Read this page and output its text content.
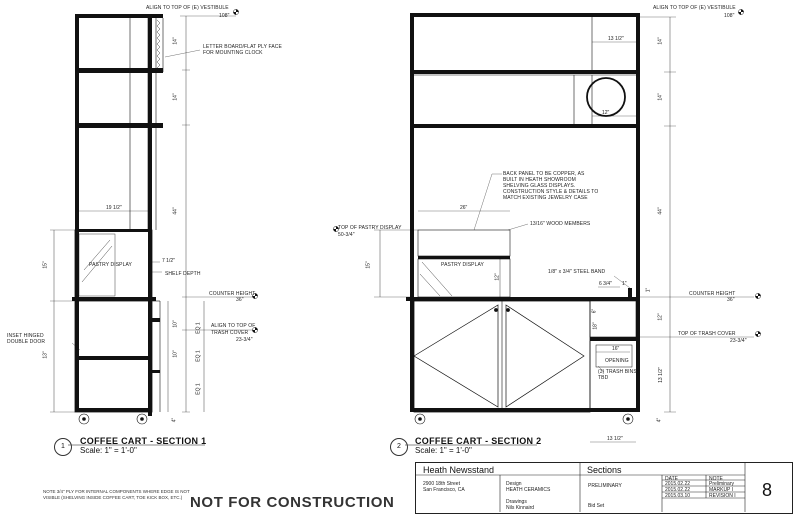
ALIGN TO TOP OF (E) VESTIBULE
108"
LETTER BOARD/FLAT PLY FACE
FOR MOUNTING CLOCK
PASTRY DISPLAY
SHELF DEPTH
COUNTER HEIGHT
36"
ALIGN TO TOP OF
TRASH COVER
23-3/4"
INSET HINGED
DOUBLE DOOR
19 1/2"
7 1/2"
14"
14"
44"
15"
10"
13"	10"
4"
EQ 1
EQ 1
EQ 1
ALIGN TO TOP OF (E) VESTIBULE
108"
TOP OF PASTRY DISPLAY
50-3/4"
BACK PANEL TO BE COPPER, AS
BUILT IN HEATH SHOWROOM
SHELVING GLASS DISPLAYS.
CONSTRUCTION STYLE & DETAILS TO
MATCH EXISTING JEWELRY CASE
13/16" WOOD MEMBERS
1/8" x 3/4" STEEL BAND
PASTRY DISPLAY
COUNTER HEIGHT
36"
TOP OF TRASH COVER
23-3/4"
OPENING
(3) TRASH BINS
TBD
13 1/2"
26"
12"
6 3/4" 1"
1"
6"
16"
18"
12"
15"
14"
14"
44"
12"
13 1/2"
4"
13 1/2"
1
COFFEE CART - SECTION 1
Scale: 1" = 1'-0"	2
COFFEE CART - SECTION 2
Scale: 1" = 1'-0"
NOTE 3/4" PLY FOR INTERNAL COMPONENTS WHERE EDGE IS NOT VISIBLE (SHELVING INSIDE COFFEE CART, TOE KICK BOX, ETC.) NOT FOR CONSTRUCTION
Heath Newsstand	Sections
2900 18th Street
San Francisco, CA
Design
HEATH CERAMICS
Drawings
Nils Kinnaird
PRELIMINARY
Bid Set
DATE	NOTE
2015.02.22	Preliminary
2015.02.22	MARKUP I
2015.03.10	REVISION I 8
